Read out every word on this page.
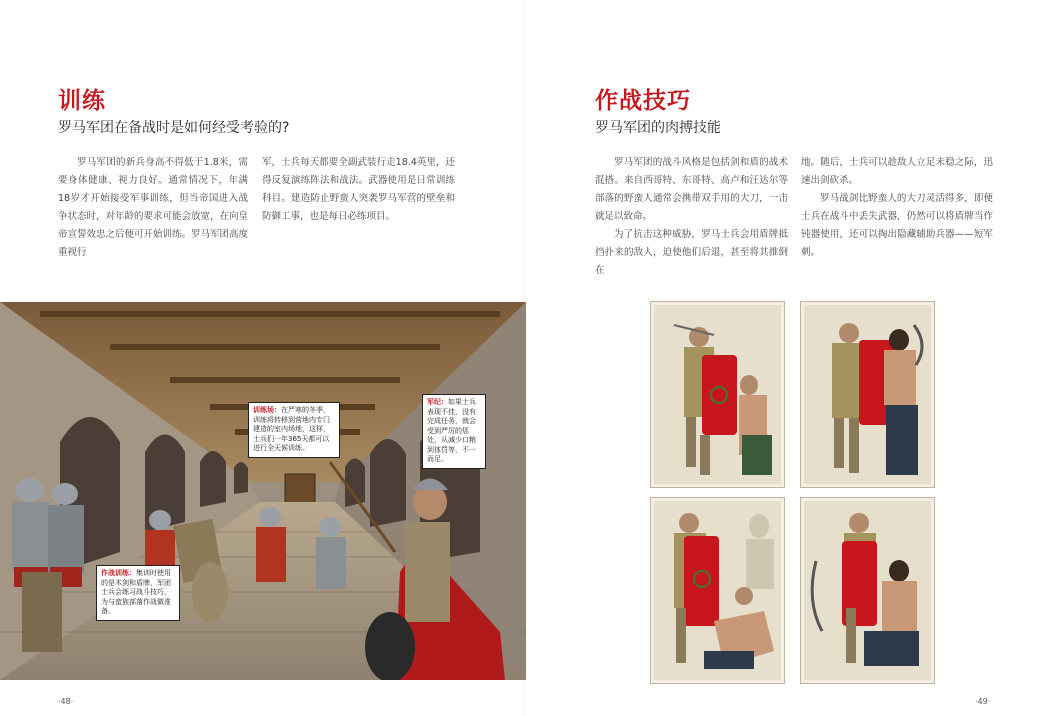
训练
罗马军团在备战时是如何经受考验的?

罗马军团的新兵身高不得低于1.8米，需要身体健康、视力良好。通常情况下，年满18岁才开始接受军事训练，但当帝国进入战争状态时，对年龄的要求可能会放宽，在向皇帝宣誓效忠之后便可开始训练。罗马军团高度重视行

军，士兵每天都要全副武装行走18.4英里，还得反复演练阵法和战法。武器使用是日常训练科目。建造防止野蛮人突袭罗马军营的壁垒和防御工事，也是每日必练项目。

训练场：在严寒的冬季，训练将转移到营地内专门建造的室内场地，这样，士兵们一年365天都可以进行全天候训练。
军纪：如果士兵表现不佳，没有完成任务，就会受到严厉的惩处，从减少口粮到体罚等，不一而足。
作战训练：集训时使用的是木剑和盾牌，军团士兵会练习战斗技巧，为与蛮族部落作战做准备。
·48·
作战技巧
罗马军团的肉搏技能

罗马军团的战斗风格是包括剑和盾的战术混搭。来自西哥特、东哥特、高卢和汪达尔等部落的野蛮人通常会携带双手用的大刀，一击就足以致命。

为了抗击这种威胁，罗马士兵会用盾牌抵挡扑来的敌人，迫使他们后退，甚至将其推倒在

地。随后，士兵可以趁敌人立足未稳之际，迅速出剑砍杀。

罗马战剑比野蛮人的大刀灵活得多，即便士兵在战斗中丢失武器，仍然可以将盾牌当作钝器使用，还可以掏出隐藏辅助兵器——短军刺。

·49·
